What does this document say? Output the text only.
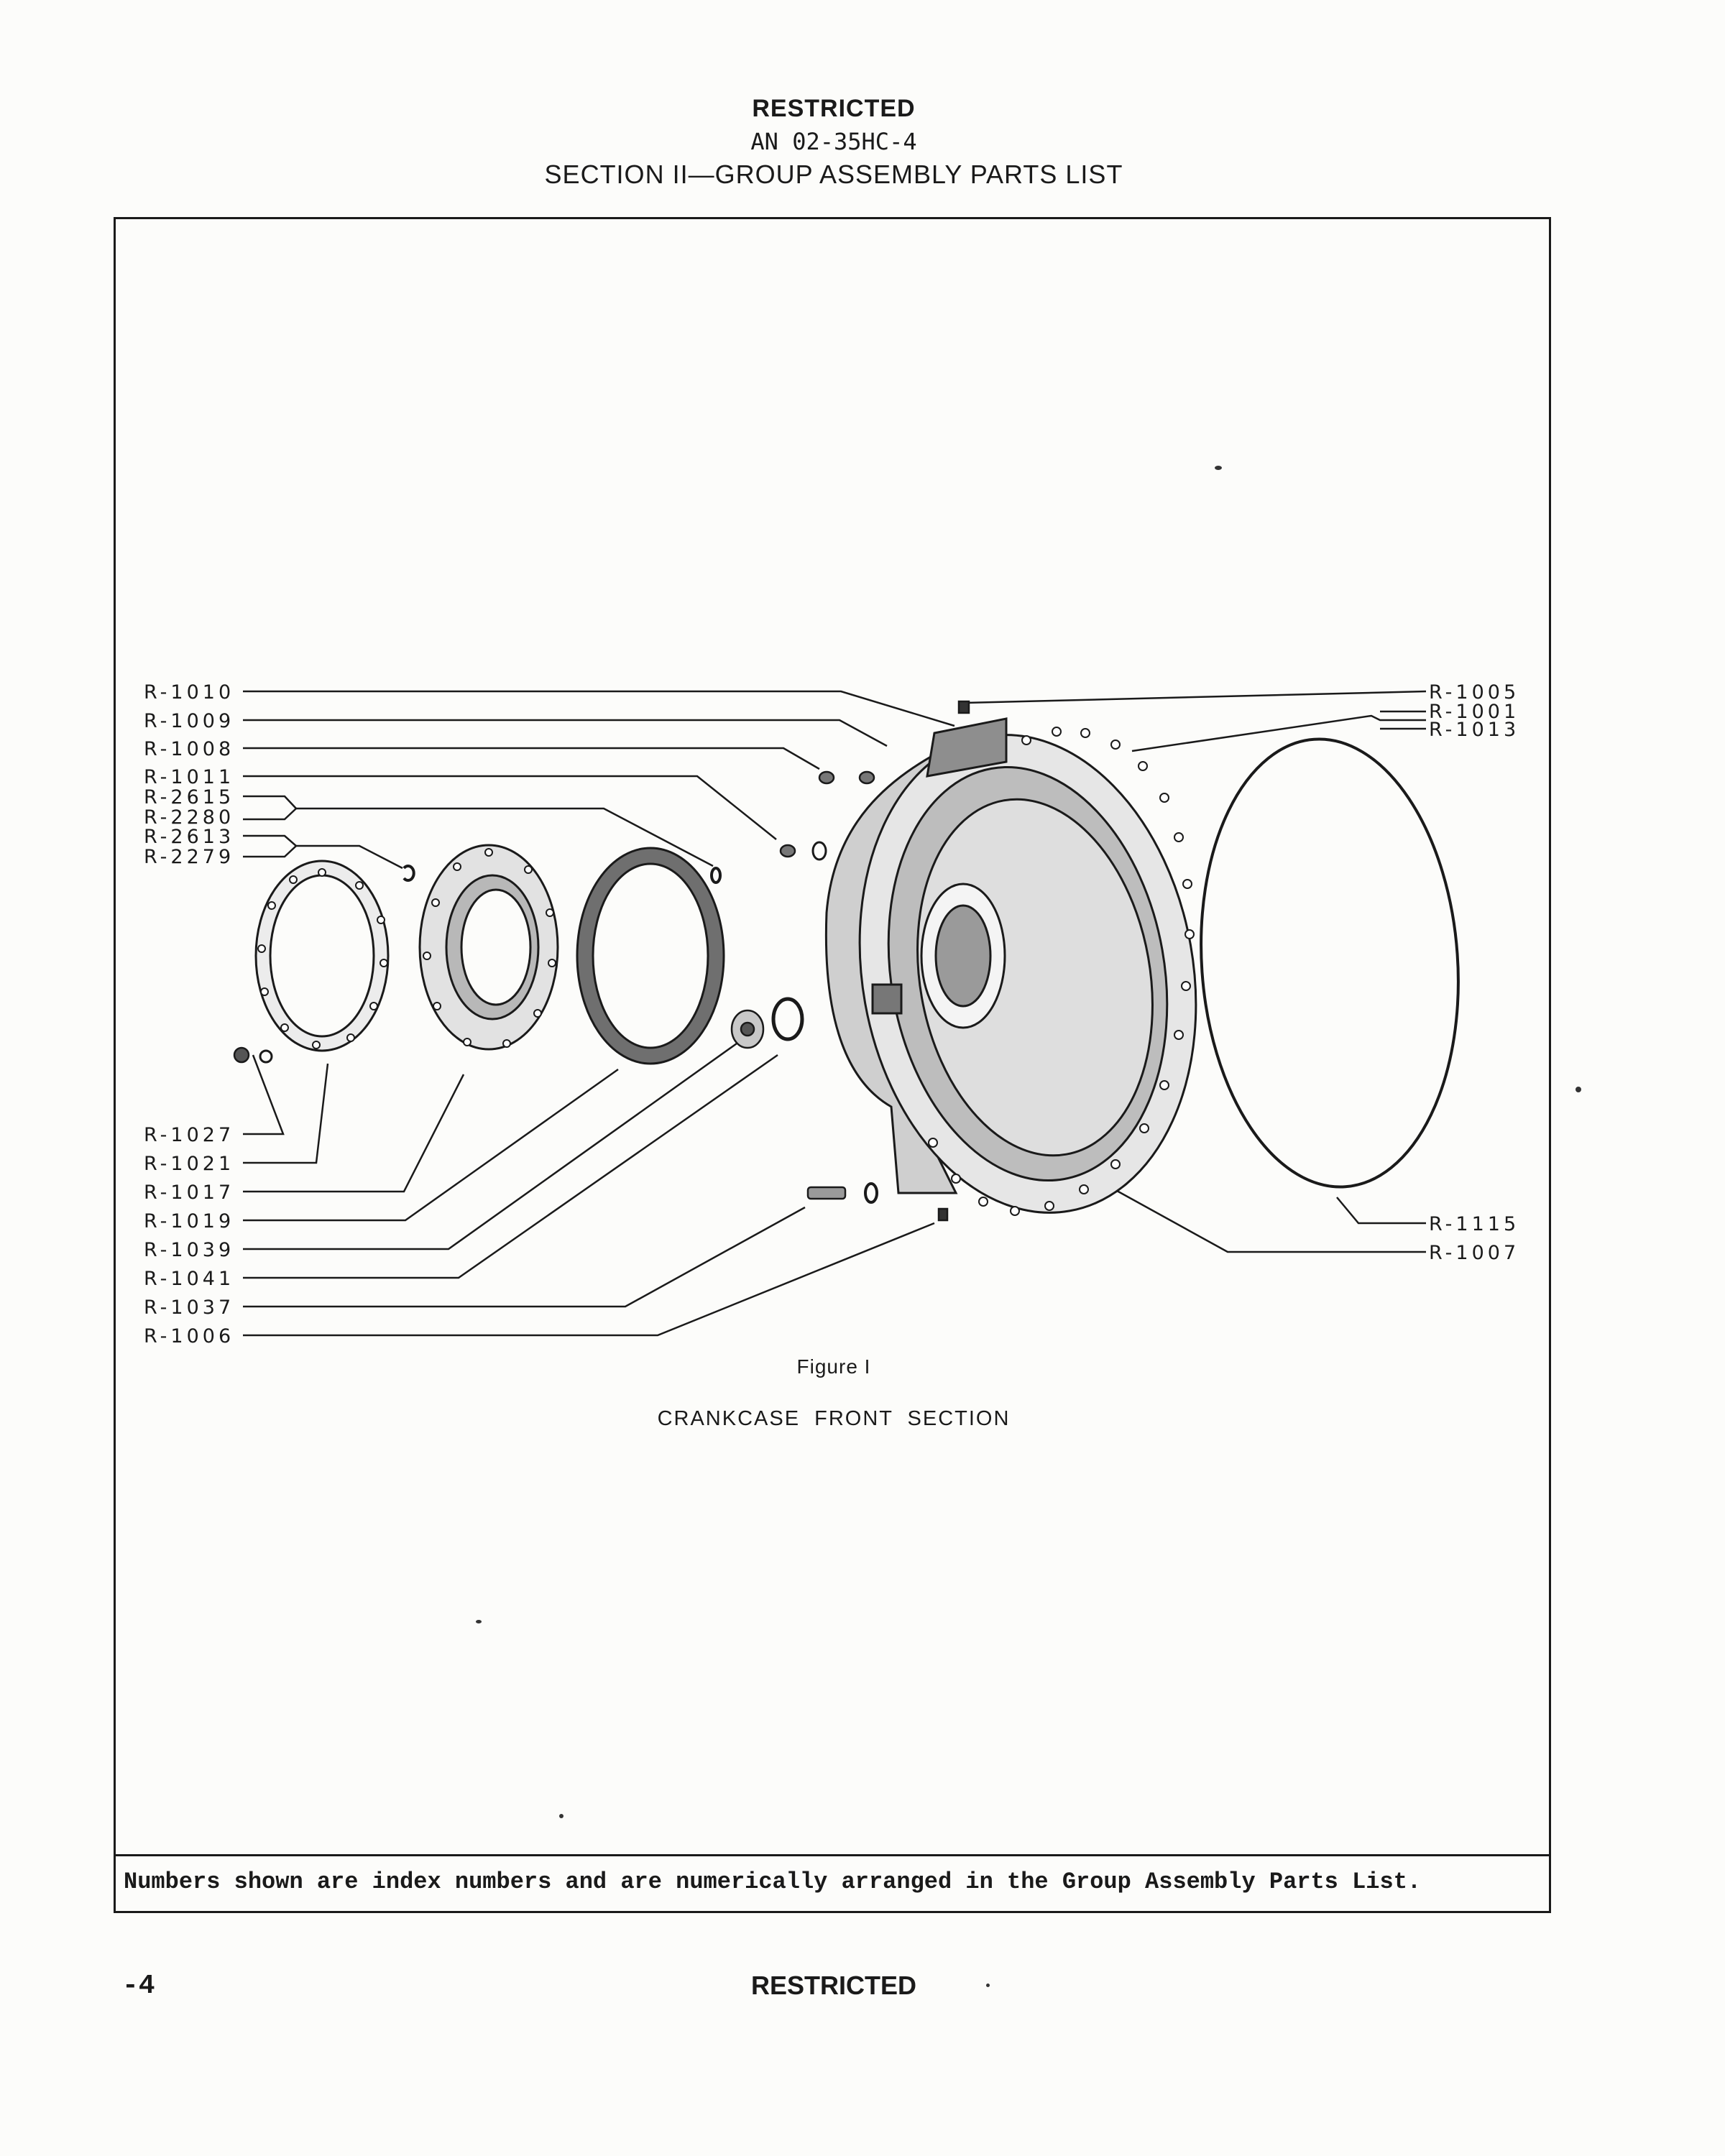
RESTRICTED
AN 02-35HC-4
SECTION II—GROUP ASSEMBLY PARTS LIST
R-1010
R-1009
R-1008
R-1011
R-2615
R-2280
R-2613
R-2279
R-1027
R-1021
R-1017
R-1019
R-1039
R-1041
R-1037
R-1006
R-1005
R-1001
R-1013
R-1115
R-1007
Figure I
CRANKCASE FRONT SECTION
Numbers shown are index numbers and are numerically arranged in the Group Assembly Parts List.
-4	RESTRICTED
